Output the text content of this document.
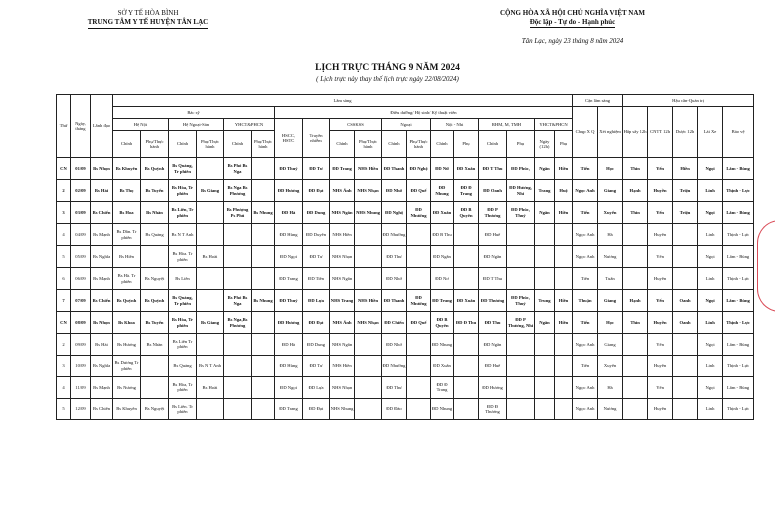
SỞ Y TẾ HÒA BÌNH
TRUNG TÂM Y TẾ HUYỆN TÂN LẠC
CỘNG HÒA XÃ HỘI CHỦ NGHĨA VIỆT NAM
Độc lập - Tự do - Hạnh phúc
Tân Lạc, ngày 23 tháng 8 năm 2024
LỊCH TRỰC THÁNG 9 NĂM 2024
( Lịch trực này thay thế lịch trực ngày 22/08/2024)
Thứ	Ngày, tháng	Lãnh đạo	Lâm sàng																		Cận lâm sàng		Hậu cần-Quản trị				
			Bác sỹ						Điều dưỡng/ Hộ sinh/ Kỹ thuật viên												Chụp X Q	Xét nghiệm	Hấp sấy 12h	CNTT 12h	Dược 12h	Lái Xe	Bảo vệ
			Hệ Nội		Hệ Ngoại-Sản		YHCT&PHCN		HSCC, HSTC	Truyền nhiễm	CSSKSS		Ngoại		Nội - Nhi		RHM, M, TMH		YHCT&PHCN								
			Chính	Phụ/Thực hành	Chính	Phụ/Thực hành	Chính	Phụ/Thực hành			Chính	Phụ/Thực hành	Chính	Phụ/Thực hành	Chính	Phụ	Chính	Phụ	Ngày (12h)	Phụ							
CN	01/09	Bs Nhọn	Bs Khuyên	Bs Quỳnh	Bs Quảng, Tr phiên		Bs Phó Bs Nga		ĐD Thuý	ĐD Tư	ĐD Trang	NHS Hiền	ĐD Thanh	ĐD Nghệ	ĐD Nữ	ĐD Xuân	ĐD T Thu	ĐD Phúc,	Ngân	Hiền	Tiến	Học	Thìn	Yến	Hiền	Ngọi	Lâm - Bùng
2	02/09	Bs Hải	Bs Thọ	Bs Tuyến	Bs Hòa, Tr phiên	Bs Giang	Bs Nga Bs Phương		ĐD Hương	ĐD Đạt	NHS Ánh	NHS Nhạn	ĐD Nhớ	ĐD Quế	ĐD Nhung	ĐD Đ Trang	ĐD Oanh	ĐD Hương, Nhi	Trang	Huệ	Ngọc Anh	Giang	Hạnh	Huyền	Triệu	Linh	Thịnh - Lực
3	03/09	Bs Chiến	Bs Hoa	Bs Nhàn	Bs Liên, Tr phiên		Bs Phượng Ps Phú	Bs Nhung	ĐD Hà	ĐD Dung	NHS Ngân	NHS Nhung	ĐD Nghệ	ĐD Nhường	ĐD Xuân	ĐD B Quyên	ĐD P Thương	ĐD Phúc, Thuý	Ngân	Hiền	Tiến	Xuyến	Thìn	Yến	Triệu	Ngọi	Lâm - Bùng
4	04/09	Bs Mạnh	Bs Dần. Tr phiên	Bs Quảng	Bs N T Anh				ĐD Hùng	ĐD Duyên	NHS Hiền		ĐD Nhường		ĐD B Thu		ĐD Huế				Ngọc Anh	Hà		Huyền		Linh	Thịnh - Lực
5	05/09	Bs Nghĩa	Bs Hiền		Bs Hòa. Tr phiên	Bs Hoài			ĐD Ngọi	ĐD Tư	NHS Nhạn		ĐD Thư		ĐD Ngân		ĐD Ngân				Ngọc Anh	Nương		Yến		Ngọi	Lâm - Bùng
6	06/09	Bs Mạnh	Bs Hà. Tr phiên	Bs Nguyệt	Bs Liên				ĐD Trang	ĐD Tiền	NHS Ngân		ĐD Nhớ		ĐD Nơ		ĐD T Thu				Tiến	Tuấn		Huyền		Linh	Thịnh - Lực
7	07/09	Bs Chiến	Bs Quỳnh	Bs Quỳnh	Bs Quảng, Tr phiên		Bs Phó Bs Nga	Bs Nhung	ĐD Thuý	ĐD Lựa	NHS Trang	NHS Hiền	ĐD Thanh	ĐD Nhường	ĐD Trung	ĐD Xuân	ĐD Thương	ĐD Phúc, Thuý	Trung	Hiền	Thuận	Giang	Hạnh	Yến	Oanh	Ngọi	Lâm - Bùng
CN	08/09	Bs Nhọn	Bs Khoa	Bs Tuyến	Bs Hòa, Tr phiên	Bs Giang	Bs Nga,Bs Phương		ĐD Hương	ĐD Đạt	NHS Ánh	NHS Nhạn	ĐD Chiến	ĐD Quế	ĐD B Quyên	ĐD Đ Thu	ĐD Thu	ĐD P Thương, Nhi	Ngân	Hiền	Tiến	Học	Thìn	Huyền	Oanh	Linh	Thịnh - Lực
2	09/09	Bs Hải	Bs Hương	Bs Nhàn	Bs Liên Tr phiên				ĐD Hà	ĐD Dung	NHS Ngân		ĐD Nhớ		ĐD Nhung		ĐD Ngân				Ngọc Anh	Giang		Yến		Ngọi	Lâm - Bùng
3	10/09	Bs Nghĩa	Bs Dương Tr phiên		Bs Quảng	Bs N T Anh			ĐD Hùng	ĐD Tư	NHS Hiền		ĐD Nhường		ĐD Xuân		ĐD Huế				Tiến	Xuyến		Huyền		Linh	Thịnh - Lực
4	11/09	Bs Mạnh	Bs Nương		Bs Hòa, Tr phiên	Bs Hoài			ĐD Ngọi	ĐD Lựa	NHS Nhạn		ĐD Thư		ĐD Đ Trang		ĐD Hương				Ngọc Anh	Hà		Yến		Ngọi	Lâm - Bùng
5	12/09	Bs Chiến	Bs Khuyên	Bs Nguyệt	Bs Liên. Tr phiên				ĐD Trang	ĐD Đạt	NHS Nhung		ĐD Đào		ĐD Nhung		ĐD Đ Thương				Ngọc Anh	Nương		Huyền		Linh	Thịnh - Lực
